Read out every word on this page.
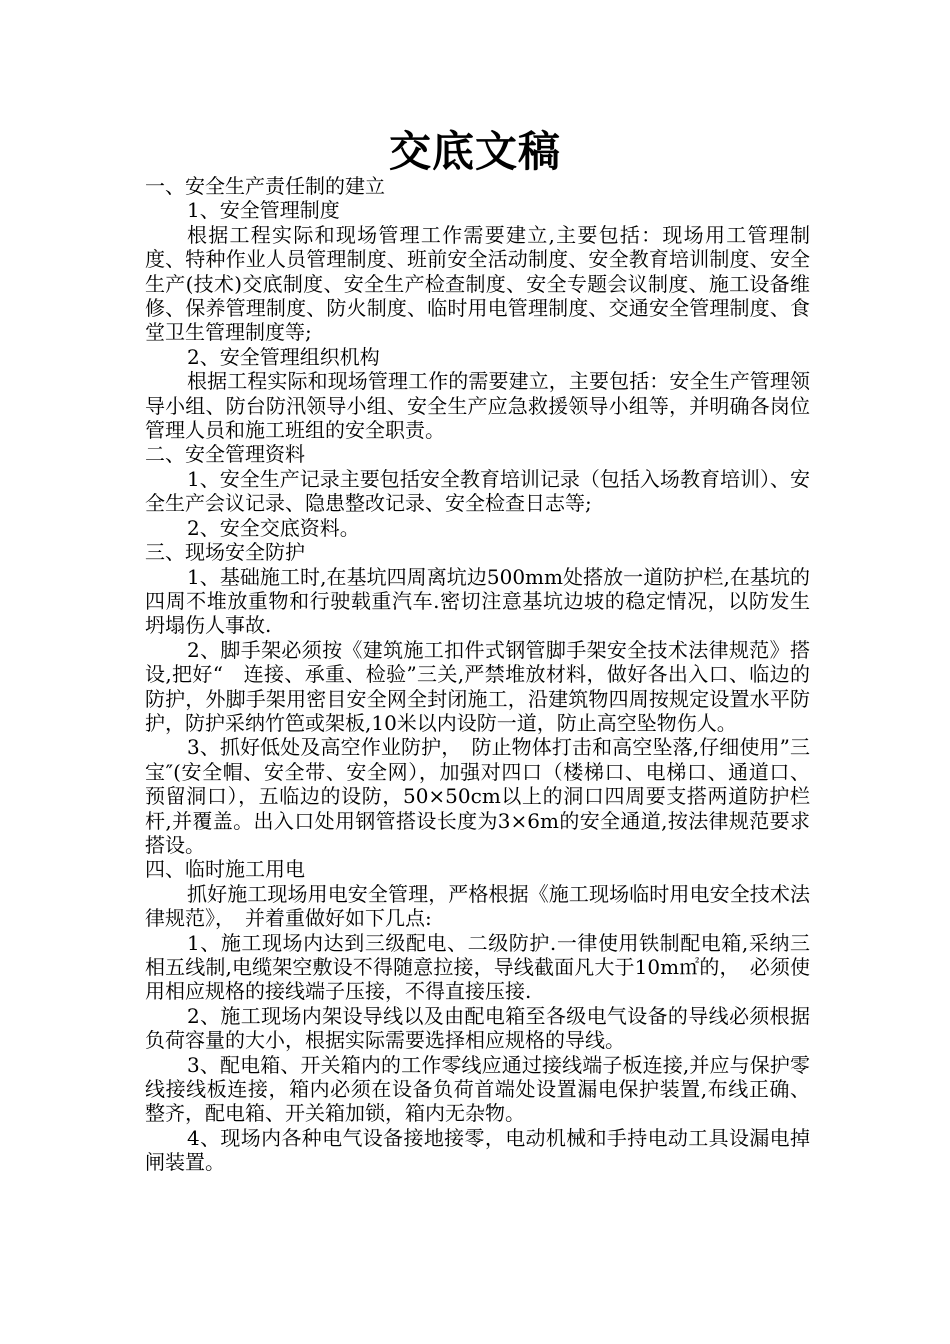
交底文稿

一、安全生产责任制的建立

1、安全管理制度

根据工程实际和现场管理工作需要建立,主要包括：现场用工管理制度、特种作业人员管理制度、班前安全活动制度、安全教育培训制度、安全生产(技术)交底制度、安全生产检查制度、安全专题会议制度、施工设备维修、保养管理制度、防火制度、临时用电管理制度、交通安全管理制度、食堂卫生管理制度等;

2、安全管理组织机构

根据工程实际和现场管理工作的需要建立，主要包括：安全生产管理领导小组、防台防汛领导小组、安全生产应急救援领导小组等，并明确各岗位管理人员和施工班组的安全职责。

二、安全管理资料

1、安全生产记录主要包括安全教育培训记录（包括入场教育培训）、安全生产会议记录、隐患整改记录、安全检查日志等;

2、安全交底资料。

三、现场安全防护

1、基础施工时,在基坑四周离坑边500mm处搭放一道防护栏,在基坑的四周不堆放重物和行驶载重汽车.密切注意基坑边坡的稳定情况，以防发生坍塌伤人事故.

2、脚手架必须按《建筑施工扣件式钢管脚手架安全技术法律规范》搭设,把好“　连接、承重、检验”三关,严禁堆放材料，做好各出入口、临边的防护，外脚手架用密目安全网全封闭施工，沿建筑物四周按规定设置水平防护，防护采纳竹笆或架板,10米以内设防一道，防止高空坠物伤人。

3、抓好低处及高空作业防护，　防止物体打击和高空坠落,仔细使用”三宝″(安全帽、安全带、安全网），加强对四口（楼梯口、电梯口、通道口、预留洞口），五临边的设防，50×50cm以上的洞口四周要支搭两道防护栏杆,并覆盖。出入口处用钢管搭设长度为3×6m的安全通道,按法律规范要求搭设。

四、临时施工用电

抓好施工现场用电安全管理，严格根据《施工现场临时用电安全技术法律规范》，　并着重做好如下几点:

1、施工现场内达到三级配电、二级防护.一律使用铁制配电箱,采纳三相五线制,电缆架空敷设不得随意拉接，导线截面凡大于10m㎡的，　必须使用相应规格的接线端子压接，不得直接压接.

2、施工现场内架设导线以及由配电箱至各级电气设备的导线必须根据负荷容量的大小，根据实际需要选择相应规格的导线。

3、配电箱、开关箱内的工作零线应通过接线端子板连接,并应与保护零线接线板连接，箱内必须在设备负荷首端处设置漏电保护装置,布线正确、整齐，配电箱、开关箱加锁，箱内无杂物。

4、现场内各种电气设备接地接零，电动机械和手持电动工具设漏电掉闸装置。
